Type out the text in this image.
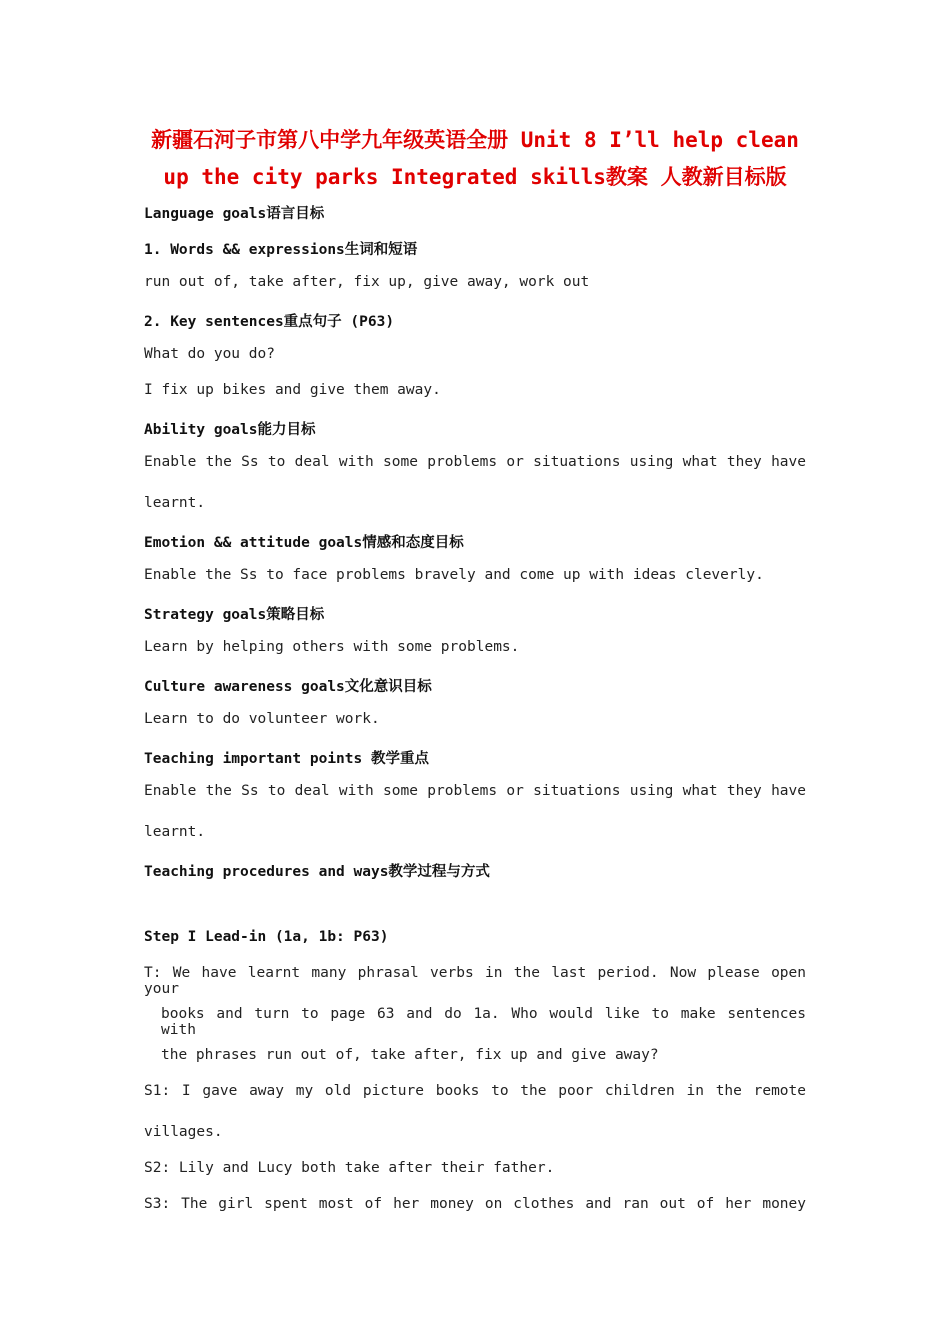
新疆石河子市第八中学九年级英语全册 Unit 8 I’ll help clean
up the city parks Integrated skills教案 人教新目标版
Language goals语言目标
1. Words && expressions生词和短语
run out of, take after, fix up, give away, work out
2. Key sentences重点句子 (P63)
What do you do?
I fix up bikes and give them away.
Ability goals能力目标
Enable the Ss to deal with some problems or situations using what they have
learnt.
Emotion && attitude goals情感和态度目标
Enable the Ss to face problems bravely and come up with ideas cleverly.
Strategy goals策略目标
Learn by helping others with some problems.
Culture awareness goals文化意识目标
Learn to do volunteer work.
Teaching important points 教学重点
Enable the Ss to deal with some problems or situations using what they have
learnt.
Teaching procedures and ways教学过程与方式
Step I Lead-in (1a, 1b: P63)
T: We have learnt many phrasal verbs in the last period. Now please open your
books and turn to page 63 and do 1a. Who would like to make sentences with
the phrases run out of, take after, fix up and give away?
S1: I gave away my old picture books to the poor children in the remote
villages.
S2: Lily and Lucy both take after their father.
S3: The girl spent most of her money on clothes and ran out of her money
